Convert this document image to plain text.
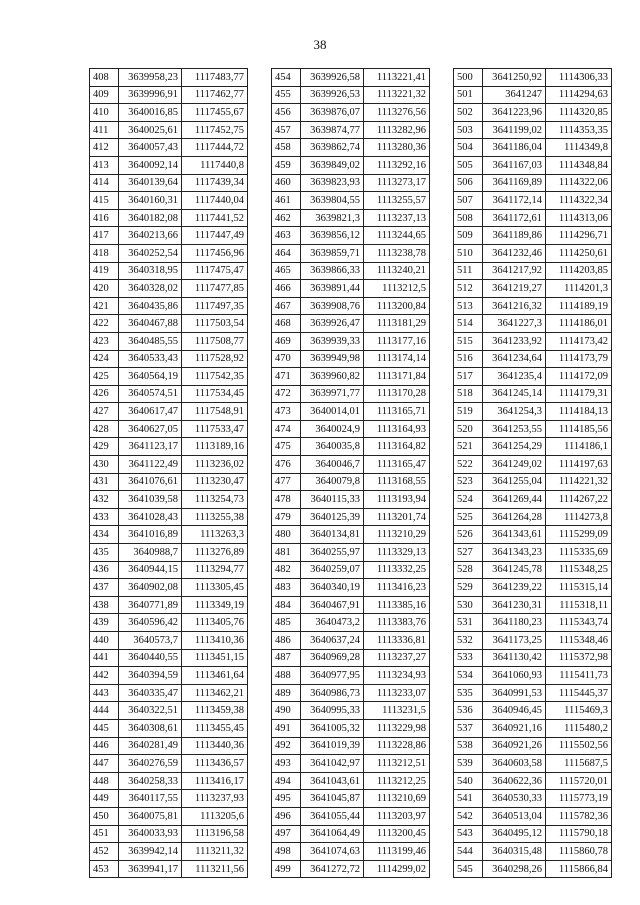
38
408	3639958,23	1117483,77
409	3639996,91	1117462,77
410	3640016,85	1117455,67
411	3640025,61	1117452,75
412	3640057,43	1117444,72
413	3640092,14	1117440,8
414	3640139,64	1117439,34
415	3640160,31	1117440,04
416	3640182,08	1117441,52
417	3640213,66	1117447,49
418	3640252,54	1117456,96
419	3640318,95	1117475,47
420	3640328,02	1117477,85
421	3640435,86	1117497,35
422	3640467,88	1117503,54
423	3640485,55	1117508,77
424	3640533,43	1117528,92
425	3640564,19	1117542,35
426	3640574,51	1117534,45
427	3640617,47	1117548,91
428	3640627,05	1117533,47
429	3641123,17	1113189,16
430	3641122,49	1113236,02
431	3641076,61	1113230,47
432	3641039,58	1113254,73
433	3641028,43	1113255,38
434	3641016,89	1113263,3
435	3640988,7	1113276,89
436	3640944,15	1113294,77
437	3640902,08	1113305,45
438	3640771,89	1113349,19
439	3640596,42	1113405,76
440	3640573,7	1113410,36
441	3640440,55	1113451,15
442	3640394,59	1113461,64
443	3640335,47	1113462,21
444	3640322,51	1113459,38
445	3640308,61	1113455,45
446	3640281,49	1113440,36
447	3640276,59	1113436,57
448	3640258,33	1113416,17
449	3640117,55	1113237,93
450	3640075,81	1113205,6
451	3640033,93	1113196,58
452	3639942,14	1113211,32
453	3639941,17	1113211,56
454	3639926,58	1113221,41
455	3639926,53	1113221,32
456	3639876,07	1113276,56
457	3639874,77	1113282,96
458	3639862,74	1113280,36
459	3639849,02	1113292,16
460	3639823,93	1113273,17
461	3639804,55	1113255,57
462	3639821,3	1113237,13
463	3639856,12	1113244,65
464	3639859,71	1113238,78
465	3639866,33	1113240,21
466	3639891,44	1113212,5
467	3639908,76	1113200,84
468	3639926,47	1113181,29
469	3639939,33	1113177,16
470	3639949,98	1113174,14
471	3639960,82	1113171,84
472	3639971,77	1113170,28
473	3640014,01	1113165,71
474	3640024,9	1113164,93
475	3640035,8	1113164,82
476	3640046,7	1113165,47
477	3640079,8	1113168,55
478	3640115,33	1113193,94
479	3640125,39	1113201,74
480	3640134,81	1113210,29
481	3640255,97	1113329,13
482	3640259,07	1113332,25
483	3640340,19	1113416,23
484	3640467,91	1113385,16
485	3640473,2	1113383,76
486	3640637,24	1113336,81
487	3640969,28	1113237,27
488	3640977,95	1113234,93
489	3640986,73	1113233,07
490	3640995,33	1113231,5
491	3641005,32	1113229,98
492	3641019,39	1113228,86
493	3641042,97	1113212,51
494	3641043,61	1113212,25
495	3641045,87	1113210,69
496	3641055,44	1113203,97
497	3641064,49	1113200,45
498	3641074,63	1113199,46
499	3641272,72	1114299,02
500	3641250,92	1114306,33
501	3641247	1114294,63
502	3641223,96	1114320,85
503	3641199,02	1114353,35
504	3641186,04	1114349,8
505	3641167,03	1114348,84
506	3641169,89	1114322,06
507	3641172,14	1114322,34
508	3641172,61	1114313,06
509	3641189,86	1114296,71
510	3641232,46	1114250,61
511	3641217,92	1114203,85
512	3641219,27	1114201,3
513	3641216,32	1114189,19
514	3641227,3	1114186,01
515	3641233,92	1114173,42
516	3641234,64	1114173,79
517	3641235,4	1114172,09
518	3641245,14	1114179,31
519	3641254,3	1114184,13
520	3641253,55	1114185,56
521	3641254,29	1114186,1
522	3641249,02	1114197,63
523	3641255,04	1114221,32
524	3641269,44	1114267,22
525	3641264,28	1114273,8
526	3641343,61	1115299,09
527	3641343,23	1115335,69
528	3641245,78	1115348,25
529	3641239,22	1115315,14
530	3641230,31	1115318,11
531	3641180,23	1115343,74
532	3641173,25	1115348,46
533	3641130,42	1115372,98
534	3641060,93	1115411,73
535	3640991,53	1115445,37
536	3640946,45	1115469,3
537	3640921,16	1115480,2
538	3640921,26	1115502,56
539	3640603,58	1115687,5
540	3640622,36	1115720,01
541	3640530,33	1115773,19
542	3640513,04	1115782,36
543	3640495,12	1115790,18
544	3640315,48	1115860,78
545	3640298,26	1115866,84
